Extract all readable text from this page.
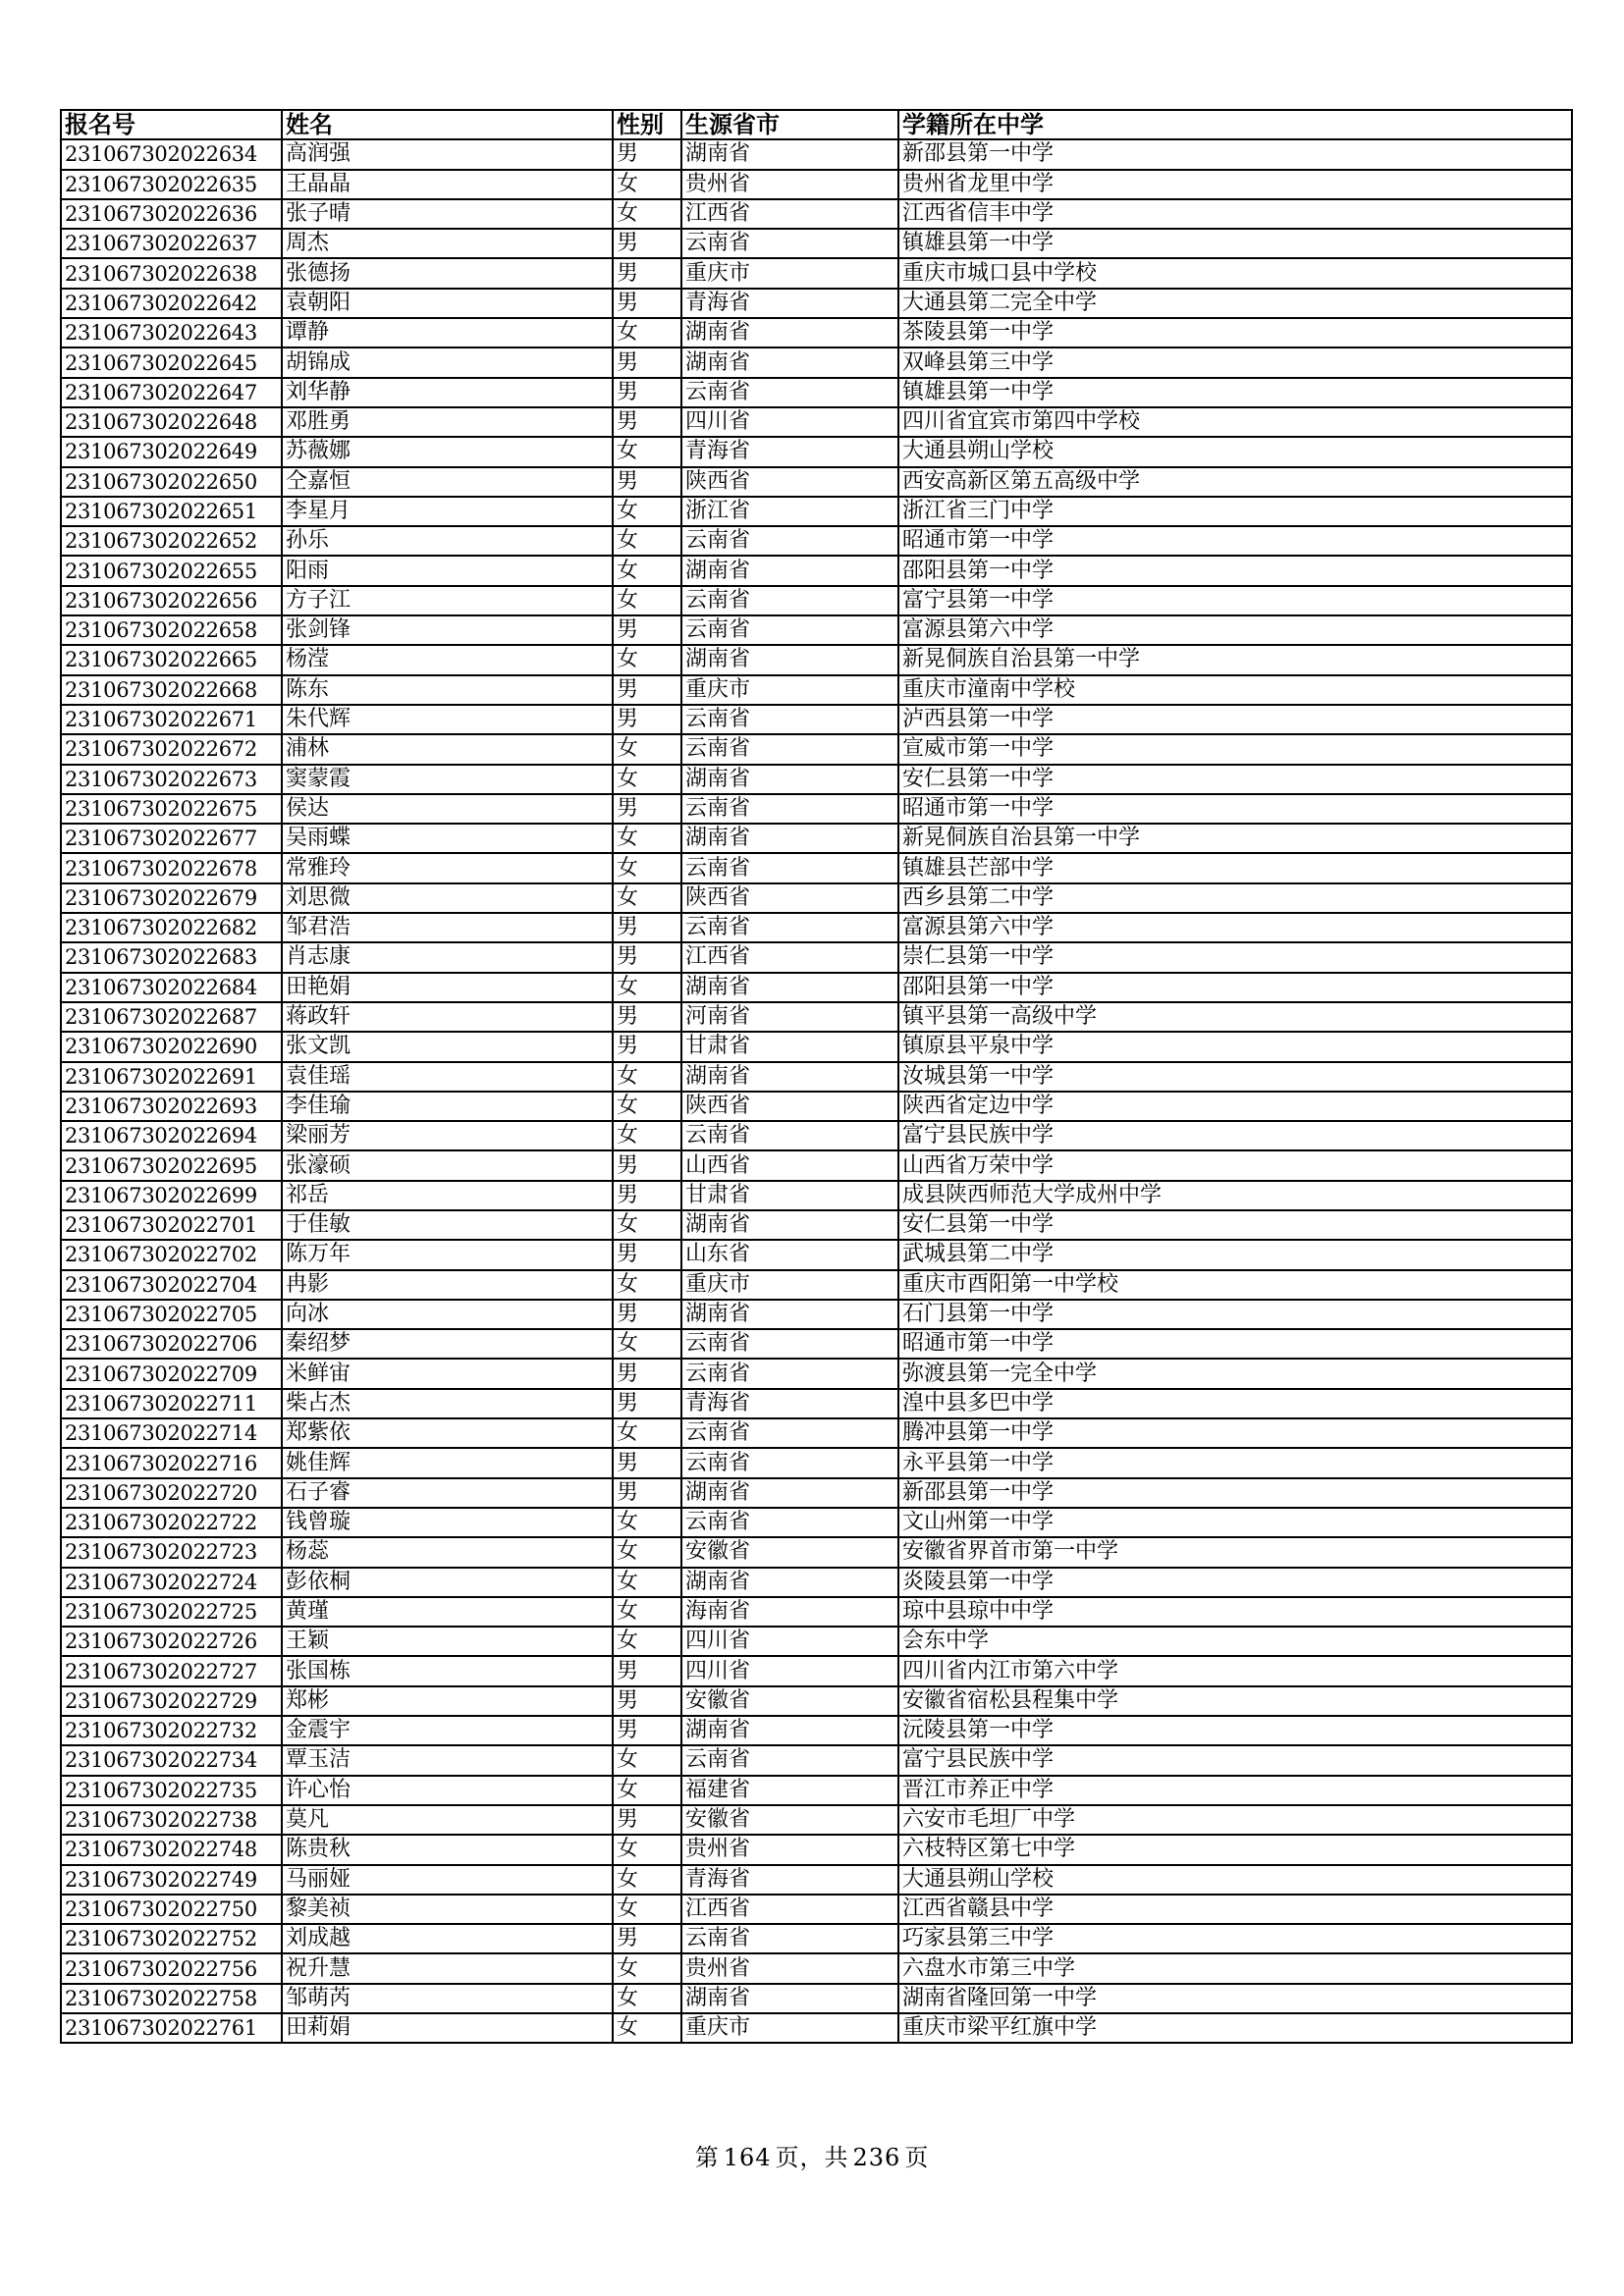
报名号	姓名	性别	生源省市	学籍所在中学
231067302022634	高润强	男	湖南省	新邵县第一中学
231067302022635	王晶晶	女	贵州省	贵州省龙里中学
231067302022636	张子晴	女	江西省	江西省信丰中学
231067302022637	周杰	男	云南省	镇雄县第一中学
231067302022638	张德扬	男	重庆市	重庆市城口县中学校
231067302022642	袁朝阳	男	青海省	大通县第二完全中学
231067302022643	谭静	女	湖南省	茶陵县第一中学
231067302022645	胡锦成	男	湖南省	双峰县第三中学
231067302022647	刘华静	男	云南省	镇雄县第一中学
231067302022648	邓胜勇	男	四川省	四川省宜宾市第四中学校
231067302022649	苏薇娜	女	青海省	大通县朔山学校
231067302022650	仝嘉恒	男	陕西省	西安高新区第五高级中学
231067302022651	李星月	女	浙江省	浙江省三门中学
231067302022652	孙乐	女	云南省	昭通市第一中学
231067302022655	阳雨	女	湖南省	邵阳县第一中学
231067302022656	方子江	女	云南省	富宁县第一中学
231067302022658	张剑锋	男	云南省	富源县第六中学
231067302022665	杨滢	女	湖南省	新晃侗族自治县第一中学
231067302022668	陈东	男	重庆市	重庆市潼南中学校
231067302022671	朱代辉	男	云南省	泸西县第一中学
231067302022672	浦林	女	云南省	宣威市第一中学
231067302022673	窦蒙霞	女	湖南省	安仁县第一中学
231067302022675	侯达	男	云南省	昭通市第一中学
231067302022677	吴雨蝶	女	湖南省	新晃侗族自治县第一中学
231067302022678	常雅玲	女	云南省	镇雄县芒部中学
231067302022679	刘思微	女	陕西省	西乡县第二中学
231067302022682	邹君浩	男	云南省	富源县第六中学
231067302022683	肖志康	男	江西省	崇仁县第一中学
231067302022684	田艳娟	女	湖南省	邵阳县第一中学
231067302022687	蒋政轩	男	河南省	镇平县第一高级中学
231067302022690	张文凯	男	甘肃省	镇原县平泉中学
231067302022691	袁佳瑶	女	湖南省	汝城县第一中学
231067302022693	李佳瑜	女	陕西省	陕西省定边中学
231067302022694	梁丽芳	女	云南省	富宁县民族中学
231067302022695	张濠硕	男	山西省	山西省万荣中学
231067302022699	祁岳	男	甘肃省	成县陕西师范大学成州中学
231067302022701	于佳敏	女	湖南省	安仁县第一中学
231067302022702	陈万年	男	山东省	武城县第二中学
231067302022704	冉影	女	重庆市	重庆市酉阳第一中学校
231067302022705	向冰	男	湖南省	石门县第一中学
231067302022706	秦绍梦	女	云南省	昭通市第一中学
231067302022709	米鲜宙	男	云南省	弥渡县第一完全中学
231067302022711	柴占杰	男	青海省	湟中县多巴中学
231067302022714	郑紫依	女	云南省	腾冲县第一中学
231067302022716	姚佳辉	男	云南省	永平县第一中学
231067302022720	石子睿	男	湖南省	新邵县第一中学
231067302022722	钱曾璇	女	云南省	文山州第一中学
231067302022723	杨蕊	女	安徽省	安徽省界首市第一中学
231067302022724	彭依桐	女	湖南省	炎陵县第一中学
231067302022725	黄瑾	女	海南省	琼中县琼中中学
231067302022726	王颖	女	四川省	会东中学
231067302022727	张国栋	男	四川省	四川省内江市第六中学
231067302022729	郑彬	男	安徽省	安徽省宿松县程集中学
231067302022732	金震宇	男	湖南省	沅陵县第一中学
231067302022734	覃玉洁	女	云南省	富宁县民族中学
231067302022735	许心怡	女	福建省	晋江市养正中学
231067302022738	莫凡	男	安徽省	六安市毛坦厂中学
231067302022748	陈贵秋	女	贵州省	六枝特区第七中学
231067302022749	马丽娅	女	青海省	大通县朔山学校
231067302022750	黎美祯	女	江西省	江西省赣县中学
231067302022752	刘成越	男	云南省	巧家县第三中学
231067302022756	祝升慧	女	贵州省	六盘水市第三中学
231067302022758	邹萌芮	女	湖南省	湖南省隆回第一中学
231067302022761	田莉娟	女	重庆市	重庆市梁平红旗中学
第 164 页，共 236 页
